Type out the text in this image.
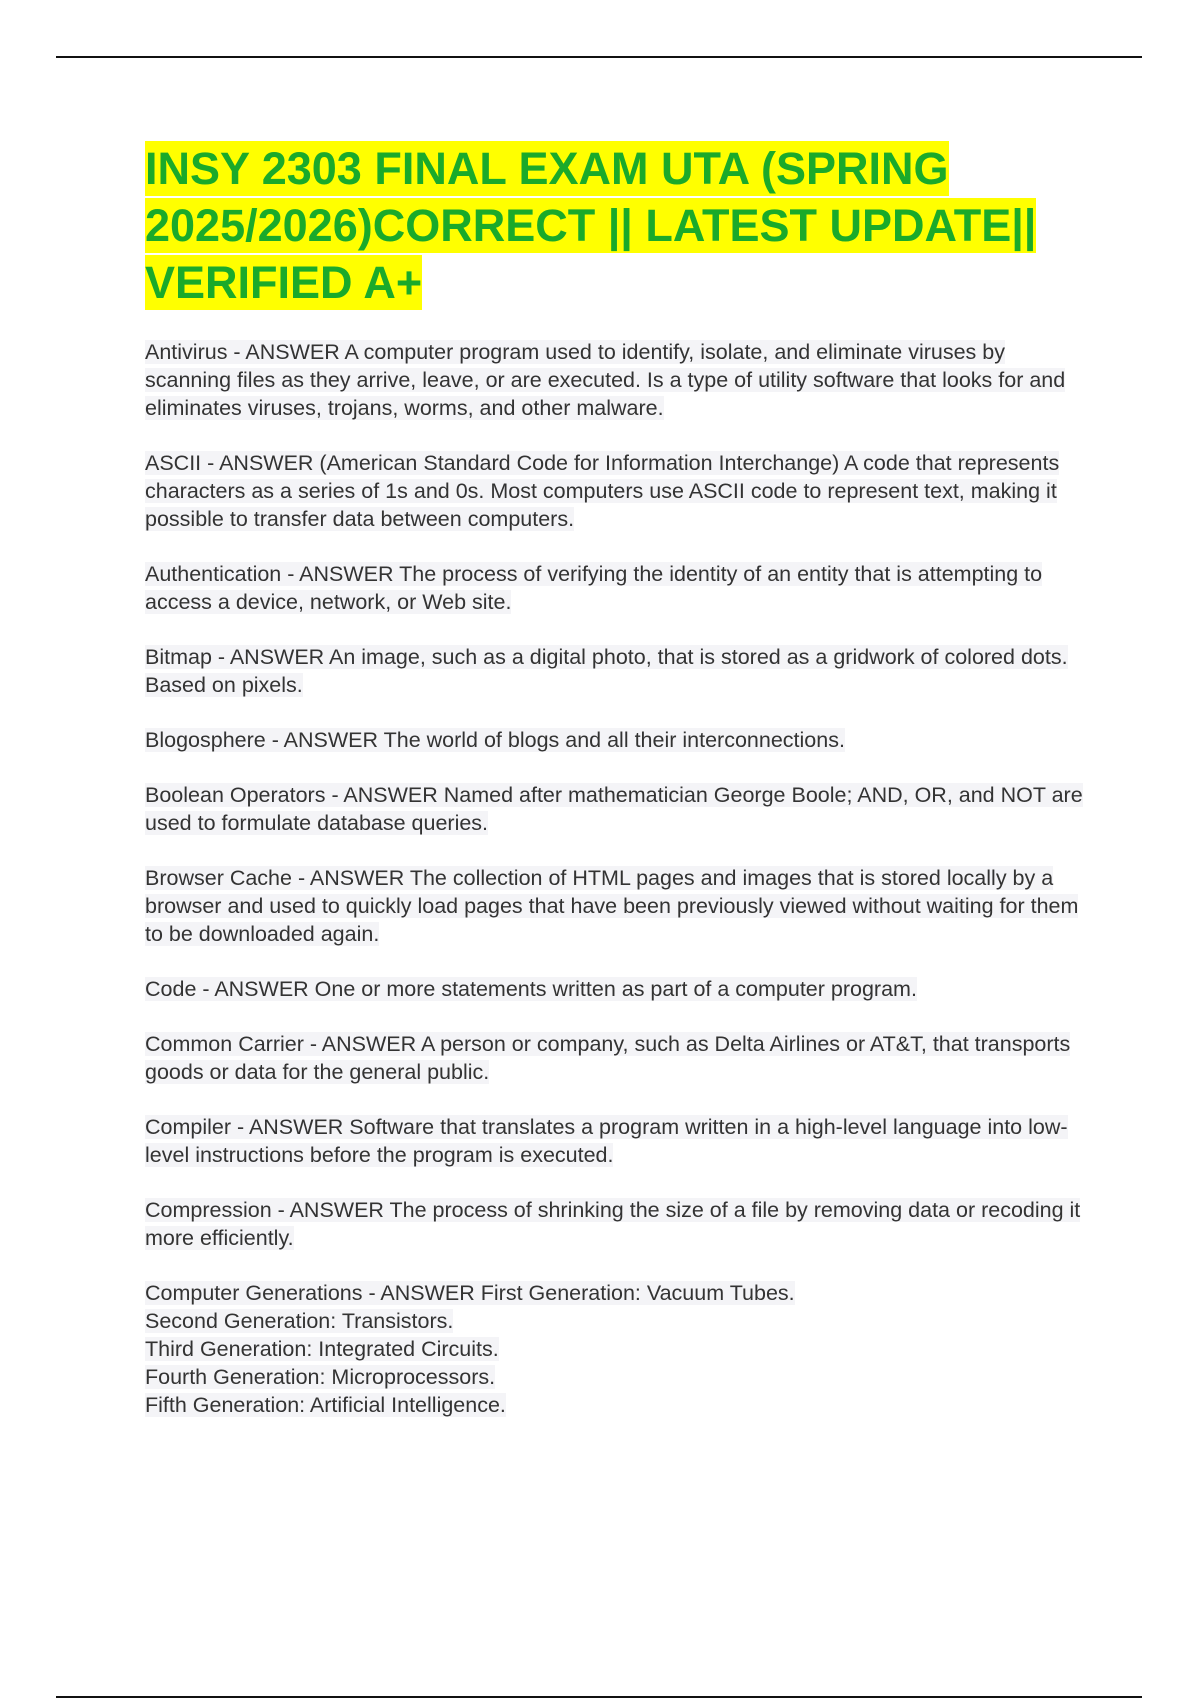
INSY 2303 FINAL EXAM UTA (SPRING 2025/2026)CORRECT || LATEST UPDATE|| VERIFIED A+

Antivirus - ANSWER A computer program used to identify, isolate, and eliminate viruses by scanning files as they arrive, leave, or are executed. Is a type of utility software that looks for and eliminates viruses, trojans, worms, and other malware.

ASCII - ANSWER (American Standard Code for Information Interchange) A code that represents characters as a series of 1s and 0s. Most computers use ASCII code to represent text, making it possible to transfer data between computers.

Authentication - ANSWER The process of verifying the identity of an entity that is attempting to access a device, network, or Web site.

Bitmap - ANSWER An image, such as a digital photo, that is stored as a gridwork of colored dots. Based on pixels.

Blogosphere - ANSWER The world of blogs and all their interconnections.

Boolean Operators - ANSWER Named after mathematician George Boole; AND, OR, and NOT are used to formulate database queries.

Browser Cache - ANSWER The collection of HTML pages and images that is stored locally by a browser and used to quickly load pages that have been previously viewed without waiting for them to be downloaded again.

Code - ANSWER One or more statements written as part of a computer program.

Common Carrier - ANSWER A person or company, such as Delta Airlines or AT&T, that transports goods or data for the general public.

Compiler - ANSWER Software that translates a program written in a high-level language into low-level instructions before the program is executed.

Compression - ANSWER The process of shrinking the size of a file by removing data or recoding it more efficiently.

Computer Generations - ANSWER First Generation: Vacuum Tubes.
Second Generation: Transistors.
Third Generation: Integrated Circuits.
Fourth Generation: Microprocessors.
Fifth Generation: Artificial Intelligence.
